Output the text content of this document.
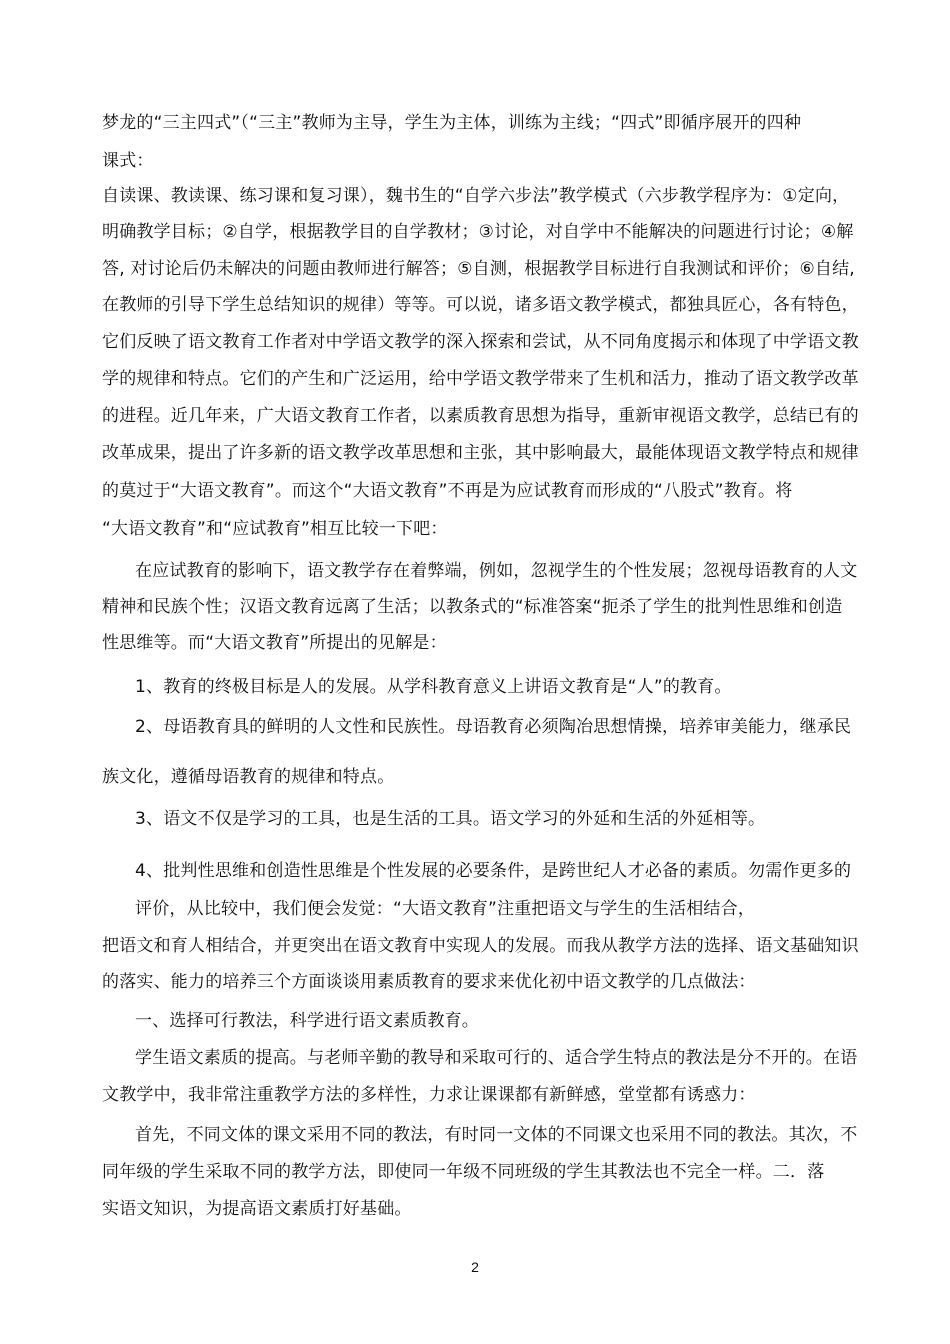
梦龙的“三主四式”（“三主”教师为主导，学生为主体，训练为主线；“四式”即循序展开的四种
课式：
自读课、教读课、练习课和复习课），魏书生的“自学六步法”教学模式（六步教学程序为：①定向，
明确教学目标；②自学，根据教学目的自学教材；③讨论，对自学中不能解决的问题进行讨论；④解
答, 对讨论后仍未解决的问题由教师进行解答；⑤自测，根据教学目标进行自我测试和评价；⑥自结,
在教师的引导下学生总结知识的规律）等等。可以说，诸多语文教学模式，都独具匠心，各有特色，
它们反映了语文教育工作者对中学语文教学的深入探索和尝试，从不同角度揭示和体现了中学语文教
学的规律和特点。它们的产生和广泛运用，给中学语文教学带来了生机和活力，推动了语文教学改革
的进程。近几年来，广大语文教育工作者，以素质教育思想为指导，重新审视语文教学，总结已有的
改革成果，提出了许多新的语文教学改革思想和主张，其中影响最大，最能体现语文教学特点和规律
的莫过于“大语文教育”。而这个“大语文教育”不再是为应试教育而形成的“八股式”教育。将
“大语文教育”和“应试教育”相互比较一下吧：
在应试教育的影响下，语文教学存在着弊端，例如，忽视学生的个性发展；忽视母语教育的人文
精神和民族个性；汉语文教育远离了生活；以教条式的“标准答案“扼杀了学生的批判性思维和创造
性思维等。而“大语文教育”所提出的见解是：
1、教育的终极目标是人的发展。从学科教育意义上讲语文教育是“人”的教育。
2、母语教育具的鲜明的人文性和民族性。母语教育必须陶冶思想情操，培养审美能力，继承民
族文化，遵循母语教育的规律和特点。
3、语文不仅是学习的工具，也是生活的工具。语文学习的外延和生活的外延相等。
4、批判性思维和创造性思维是个性发展的必要条件，是跨世纪人才必备的素质。勿需作更多的
评价，从比较中，我们便会发觉：“大语文教育”注重把语文与学生的生活相结合，
把语文和育人相结合，并更突出在语文教育中实现人的发展。而我从教学方法的选择、语文基础知识
的落实、能力的培养三个方面谈谈用素质教育的要求来优化初中语文教学的几点做法：
一、选择可行教法，科学进行语文素质教育。
学生语文素质的提高。与老师辛勤的教导和采取可行的、适合学生特点的教法是分不开的。在语
文教学中，我非常注重教学方法的多样性，力求让课课都有新鲜感，堂堂都有诱惑力：
首先，不同文体的课文采用不同的教法，有时同一文体的不同课文也采用不同的教法。其次，不
同年级的学生采取不同的教学方法，即使同一年级不同班级的学生其教法也不完全一样。二．落
实语文知识，为提高语文素质打好基础。
2
